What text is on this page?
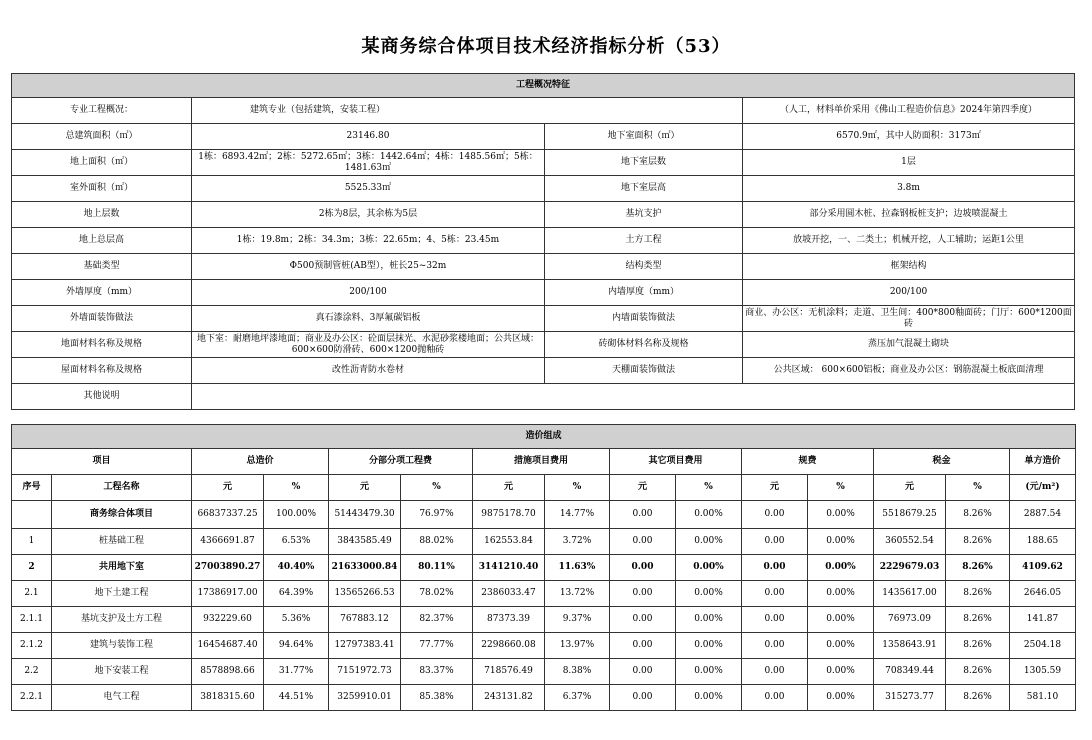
某商务综合体项目技术经济指标分析（53）
工程概况特征			
专业工程概况：	建筑专业（包括建筑，安装工程）		（人工，材料单价采用《佛山工程造价信息》2024年第四季度）
总建筑面积（㎡）	23146.80	地下室面积（㎡）	6570.9㎡，其中人防面积：3173㎡
地上面积（㎡）	1栋：6893.42㎡；2栋：5272.65㎡；3栋：1442.64㎡；4栋：1485.56㎡；5栋：1481.63㎡	地下室层数	1层
室外面积（㎡）	5525.33㎡	地下室层高	3.8m
地上层数	2栋为8层，其余栋为5层	基坑支护	部分采用圆木桩、拉森钢板桩支护；边坡喷混凝土
地上总层高	1栋：19.8m；2栋：34.3m；3栋：22.65m；4、5栋：23.45m	土方工程	放坡开挖，一、二类土；机械开挖，人工辅助；运距1公里
基础类型	Φ500预制管桩(AB型），桩长25~32m	结构类型	框架结构
外墙厚度（mm）	200/100	内墙厚度（mm）	200/100
外墙面装饰做法	真石漆涂料、3厚氟碳铝板	内墙面装饰做法	商业、办公区：无机涂料；走道、卫生间：400*800釉面砖；门厅：600*1200面砖
地面材料名称及规格	地下室：耐磨地坪漆地面；商业及办公区：砼面层抹光、水泥砂浆楼地面；公共区域：600×600防滑砖、600×1200抛釉砖	砖砌体材料名称及规格	蒸压加气混凝土砌块
屋面材料名称及规格	改性沥青防水卷材	天棚面装饰做法	公共区域： 600×600铝板；商业及办公区：钢筋混凝土板底面清理
其他说明			
造价组成														
项目		总造价		分部分项工程费		措施项目费用		其它项目费用		规费		税金		单方造价
序号	工程名称	元	%	元	%	元	%	元	%	元	%	元	%	(元/m²)
	商务综合体项目	66837337.25	100.00%	51443479.30	76.97%	9875178.70	14.77%	0.00	0.00%	0.00	0.00%	5518679.25	8.26%	2887.54
1	桩基础工程	4366691.87	6.53%	3843585.49	88.02%	162553.84	3.72%	0.00	0.00%	0.00	0.00%	360552.54	8.26%	188.65
2	共用地下室	27003890.27	40.40%	21633000.84	80.11%	3141210.40	11.63%	0.00	0.00%	0.00	0.00%	2229679.03	8.26%	4109.62
2.1	地下土建工程	17386917.00	64.39%	13565266.53	78.02%	2386033.47	13.72%	0.00	0.00%	0.00	0.00%	1435617.00	8.26%	2646.05
2.1.1	基坑支护及土方工程	932229.60	5.36%	767883.12	82.37%	87373.39	9.37%	0.00	0.00%	0.00	0.00%	76973.09	8.26%	141.87
2.1.2	建筑与装饰工程	16454687.40	94.64%	12797383.41	77.77%	2298660.08	13.97%	0.00	0.00%	0.00	0.00%	1358643.91	8.26%	2504.18
2.2	地下安装工程	8578898.66	31.77%	7151972.73	83.37%	718576.49	8.38%	0.00	0.00%	0.00	0.00%	708349.44	8.26%	1305.59
2.2.1	电气工程	3818315.60	44.51%	3259910.01	85.38%	243131.82	6.37%	0.00	0.00%	0.00	0.00%	315273.77	8.26%	581.10
